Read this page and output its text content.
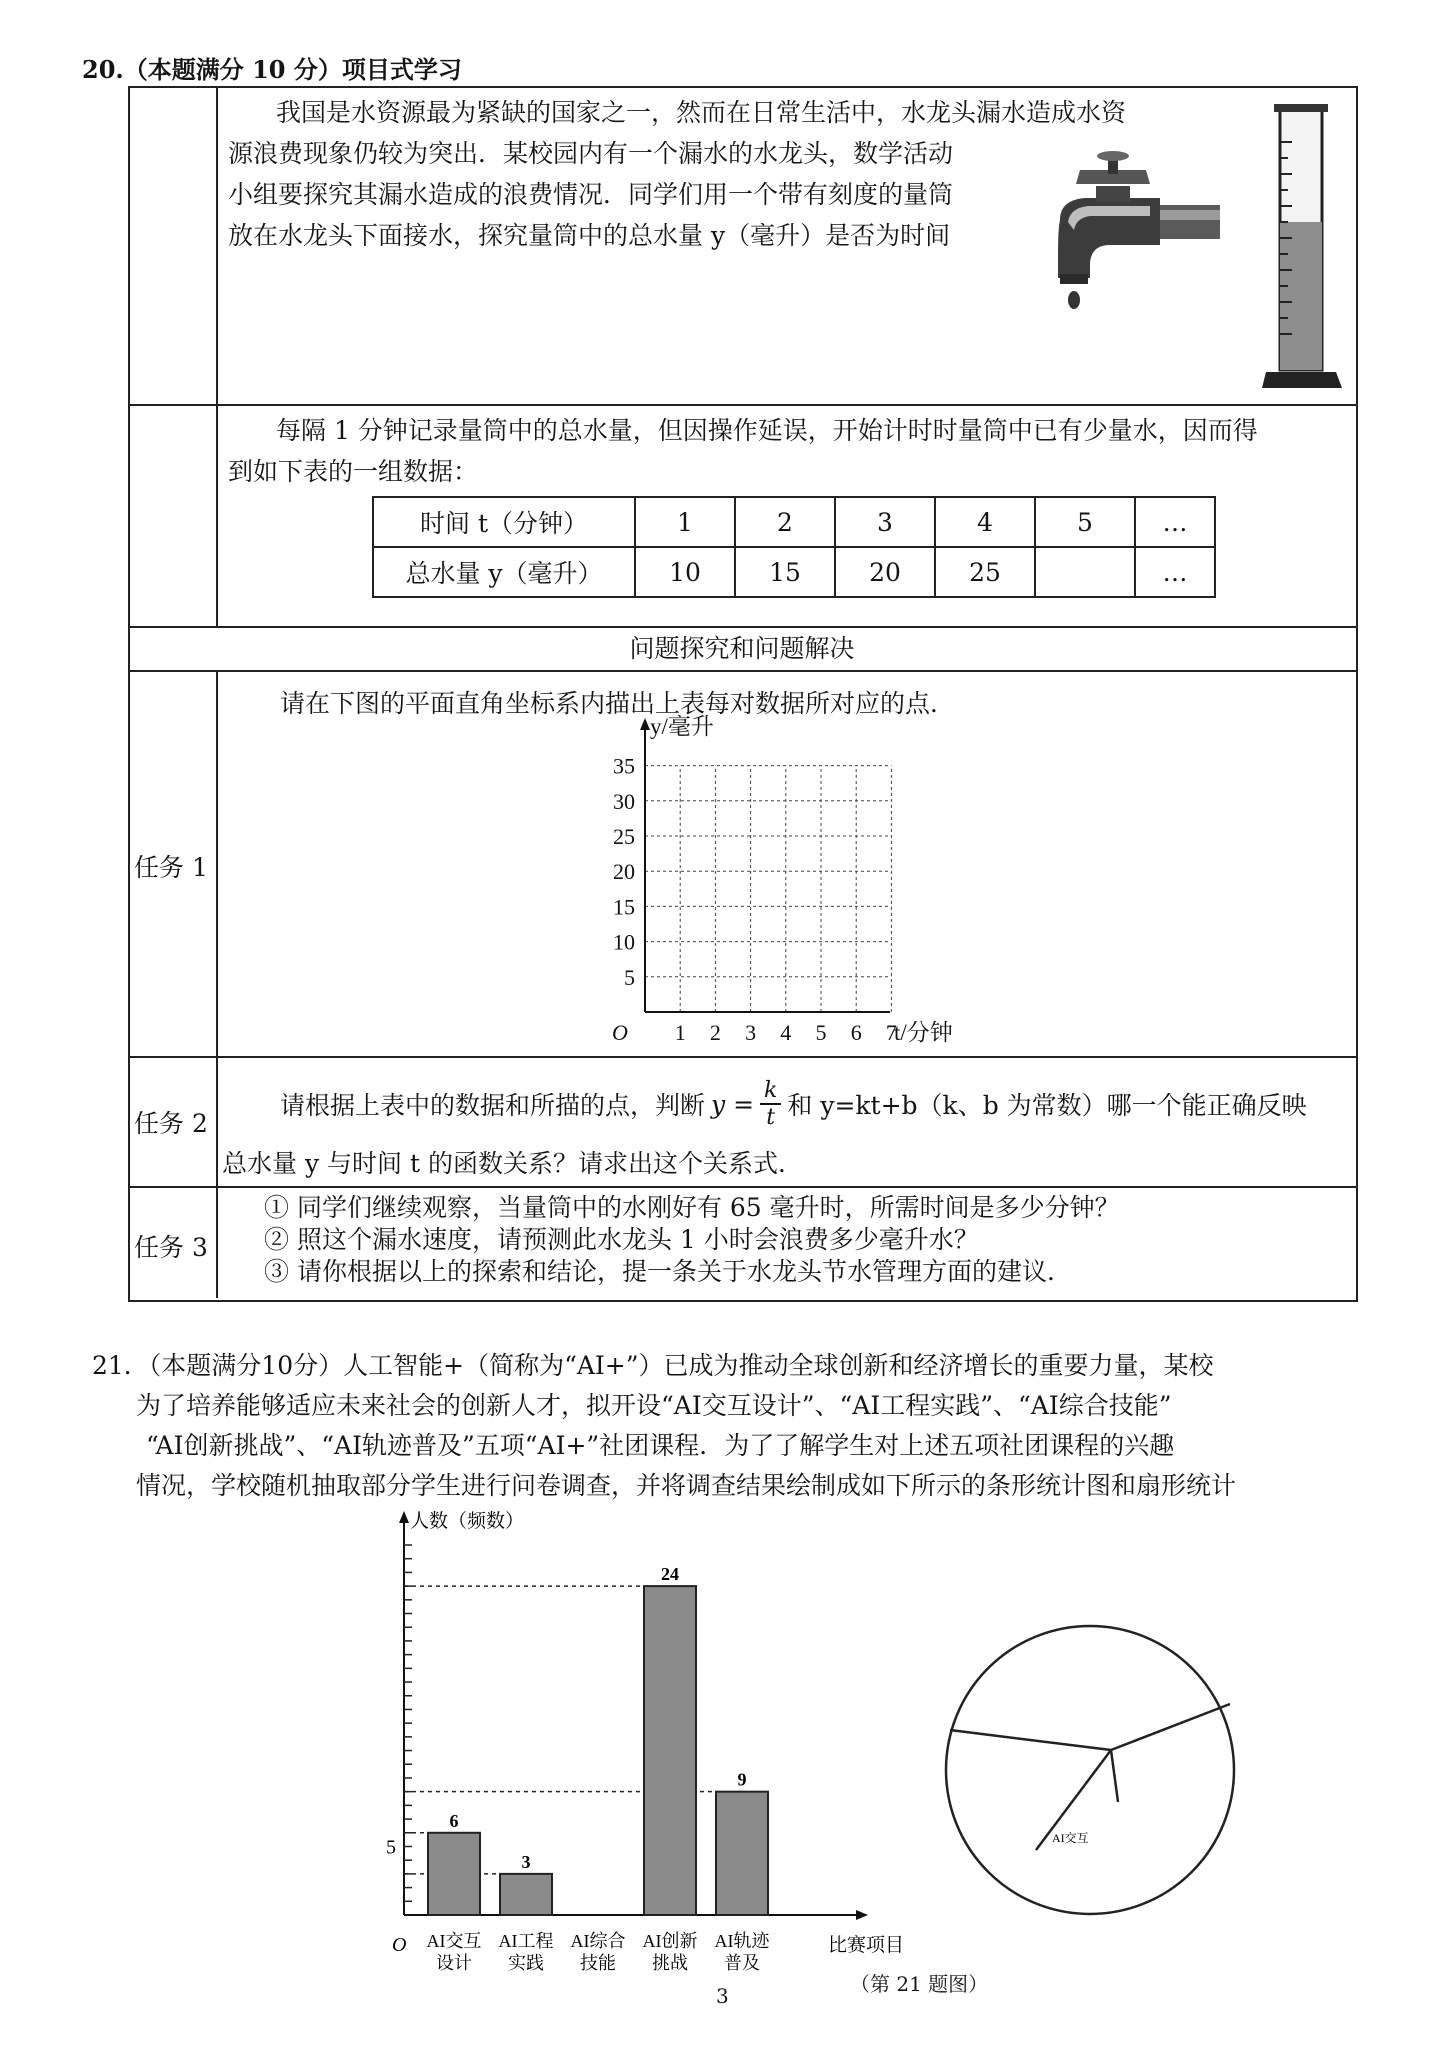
20.（本题满分 10 分）项目式学习

我国是水资源最为紧缺的国家之一，然而在日常生活中，水龙头漏水造成水资

源浪费现象仍较为突出．某校园内有一个漏水的水龙头，数学活动

小组要探究其漏水造成的浪费情况．同学们用一个带有刻度的量筒

放在水龙头下面接水，探究量筒中的总水量 y（毫升）是否为时间

每隔 1 分钟记录量筒中的总水量，但因操作延误，开始计时时量筒中已有少量水，因而得

到如下表的一组数据：

时间 t（分钟）	1	2	3	4	5	…
总水量 y（毫升）	10	15	20	25		…
问题探究和问题解决
任务 1
任务 2
任务 3
请在下图的平面直角坐标系内描出上表每对数据所对应的点．
5
10
15
20
25
30
35
1 2 3 4 5 6 7
O
y/毫升
t/分钟
请根据上表中的数据和所描的点，判断 $y = \frac{k}{t}$ 和 y=kt+b（k、b 为常数）哪一个能正确反映
总水量 y 与时间 t 的函数关系？请求出这个关系式．
① 同学们继续观察，当量筒中的水刚好有 65 毫升时，所需时间是多少分钟？
② 照这个漏水速度，请预测此水龙头 1 小时会浪费多少毫升水？
③ 请你根据以上的探索和结论，提一条关于水龙头节水管理方面的建议．

21．（本题满分10分）人工智能+（简称为“AI+”）已成为推动全球创新和经济增长的重要力量，某校

为了培养能够适应未来社会的创新人才，拟开设“AI交互设计”、“AI工程实践”、“AI综合技能”

“AI创新挑战”、“AI轨迹普及”五项“AI+”社团课程．为了了解学生对上述五项社团课程的兴趣

情况，学校随机抽取部分学生进行问卷调查，并将调查结果绘制成如下所示的条形统计图和扇形统计

6
3
24
9
AI交互
设计
AI工程
实践
AI综合
技能
AI创新
挑战
AI轨迹
普及
5
人数（频数）
比赛项目
O
AI交互
3	（第 21 题图）
